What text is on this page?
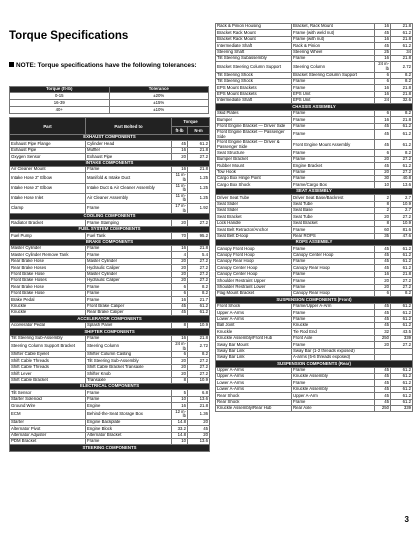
Torque Specifications
NOTE: Torque specifications have the following tolerances:
Torque (ft-lb)	Tolerance
0-15	±20%
16-39	±15%
40+	±10%
Part	Part Bolted to	Torque	
		ft-lb	N-m
EXHAUST COMPONENTS			
Exhaust Pipe Flange	Cylinder Head	45	61.2
Exhaust Pipe	Muffler	16	21.8
Oxygen Sensor	Exhaust Pipe	20	27.2
INTAKE COMPONENTS			
Air Cleaner Mount	Frame	16	21.8
Intake Hose 2" Elbow	Manifold & Intake Duct	11 in-lb	1.25
Intake Hose 2" Elbow	Intake Duct & Air Cleaner Assembly	11 in-lb	1.25
Intake Hose Inlet	Air Cleaner Assembly	11 in-lb	1.25
Clamp	Frame	17 in-lb	1.92
COOLING COMPONENTS			
Radiator Bracket	Frame Stamping	20	27.2
FUEL SYSTEM COMPONENTS			
Fuel Pump	Fuel Tank	70	95.2
BRAKE COMPONENTS			
Master Cylinder	Frame	16	21.8
Master Cylinder Remove Tank	Frame	4	5.4
Rear Brake Hose	Master Cylinder	20	27.2
Rear Brake Hoses	Hydraulic Caliper	20	27.2
Front Brake Hose	Master Cylinder	20	27.2
Front Brake Hoses	Hydraulic Caliper	20	27.2
Rear Brake Hose	Frame	6	8.2
Front Brake Hose	Frame	6	8.2
Brake Pedal	Frame	16	21.7
Knuckle	Front Brake Caliper	45	61.2
Knuckle	Rear Brake Caliper	45	61.2
ACCELERATOR COMPONENTS			
Accelerator Pedal	Splash Panel	8	10.9
SHIFTER COMPONENTS			
Tilt Steering Sub-Assembly	Frame	16	21.8
Steering Column Support Bracket	Steering Column	24 in-lb	2.72
Shifter Cable Eyelet	Shifter Column Casting	6	8.2
Shift Cable Threads	Tilt Steering Sub-Assembly	20	27.2
Shift Cable Threads	Shift Cable Bracket Transaxle	20	27.2
Shift Lever	Shifter Knob	20	27.2
Shift Cable Bracket	Transaxle	8	10.9
ELECTRICAL COMPONENTS			
Tilt Sensor	Frame	5	6.8
Starter Solenoid	Frame	10	13.6
Ground Wire	Engine	16	21.8
ECM	Behind-the-Seat Storage Box	12 in-lb	1.36
Starter	Engine Backplate	14.8	20
Alternator Pivot	Engine Block	33.2	45
Alternator Adjuster	Alternator Bracket	14.8	20
PDM Bracket	Frame	10	13.6
STEERING COMPONENTS			
Rack & Pinion Housing	Bracket, Rack Mount	16	21.8
Bracket Rack Mount	Frame (with weld nut)	45	61.2
Bracket Rack Mount	Frame (with nut)	16	21.8
Intermediate Shaft	Rack & Pinion	45	61.2
Steering Shaft	Steering Wheel	25	34
Tilt Steering Subassembly	Frame	16	21.8
Bracket Steering Column Support	Steering Column	24 in-lb	2.72
Tilt Steering Shock	Bracket Steering Column Support	6	8.2
Tilt Steering Shock	Frame	6	8.2
EPS Mount Brackets	Frame	16	21.8
EPS Mount Brackets	EPS Unit	16	21.8
Intermediate Shaft	EPS Unit	24	32.6
CHASSIS ASSEMBLY			
Skid Plates	Frame	6	8.2
Bumper	Frame	16	21.8
Front Engine Bracket — Driver Side	Frame	45	61.2
Front Engine Bracket — Passenger Side	Frame	45	61.2
Front Engine Bracket — Driver & Passenger Side	Front Engine Mount Assembly	45	61.2
Seat Structure	Frame	6	8.2
Bumper Bracket	Frame	20	27.2
Rubber Mount	Engine Bracket	45	61.2
Tow Hook	Frame	20	27.2
Cargo Box Hinge Point	Frame	30	40.8
Cargo Box Shock	Frame/Cargo Box	10	13.6
SEAT ASSEMBLY			
Driver Seat Tube	Driver Seat Base/Backrest	2	2.7
Seat Slider	Seat Tube	8	10.9
Seat Slider	Seat Base	2	2.7
Seat Bracket	Seat Tube	20	27.2
Lock Handle	Seat Bracket	8	10.9
Seat Belt Retractor/Anchor	Frame	60	81.6
Seat Belt D-loop	Rear ROPS	35	47.6
ROPS ASSEMBLY			
Canopy Front Hoop	Frame	45	61.2
Canopy Front Hoop	Canopy Center Hoop	45	61.2
Canopy Rear Hoop	Frame	45	61.2
Canopy Center Hoop	Canopy Rear Hoop	45	61.2
Canopy Center Hoop	Frame	16	21.8
Shoulder Restraint Upper	Frame	20	27.2
Shoulder Restraint Lower	Frame	20	27.2
Flag Mount Bracket	Canopy Rear Hoop	6	8.2
SUSPENSION COMPONENTS (Front)			
Front Shock	Frame/Upper A-Arm	45	61.2
Upper A-Arms	Frame	45	61.2
Lower A-Arms	Frame	45	61.2
Ball Joint	Knuckle	45	61.2
Knuckle	Tie Rod End	32	43.5
Knuckle Assembly/Front Hub	Front Axle	250	339
Sway Bar Mount	Frame	20	27.2
Sway Bar Link	Sway Bar (1-2 threads exposed)		
Sway Bar Link	A-arms (5-6 threads exposed)		
SUSPENSION COMPONENTS (Rear)			
Upper A-Arms	Frame	45	61.2
Upper A-Arms	Knuckle Assembly	45	61.2
Lower A-Arms	Frame	45	61.2
Lower A-Arms	Knuckle Assembly	45	61.2
Rear Shock	Upper A-Arm	45	61.2
Rear Shock	Frame	45	61.2
Knuckle Assembly/Rear Hub	Rear Axle	250	339
3
